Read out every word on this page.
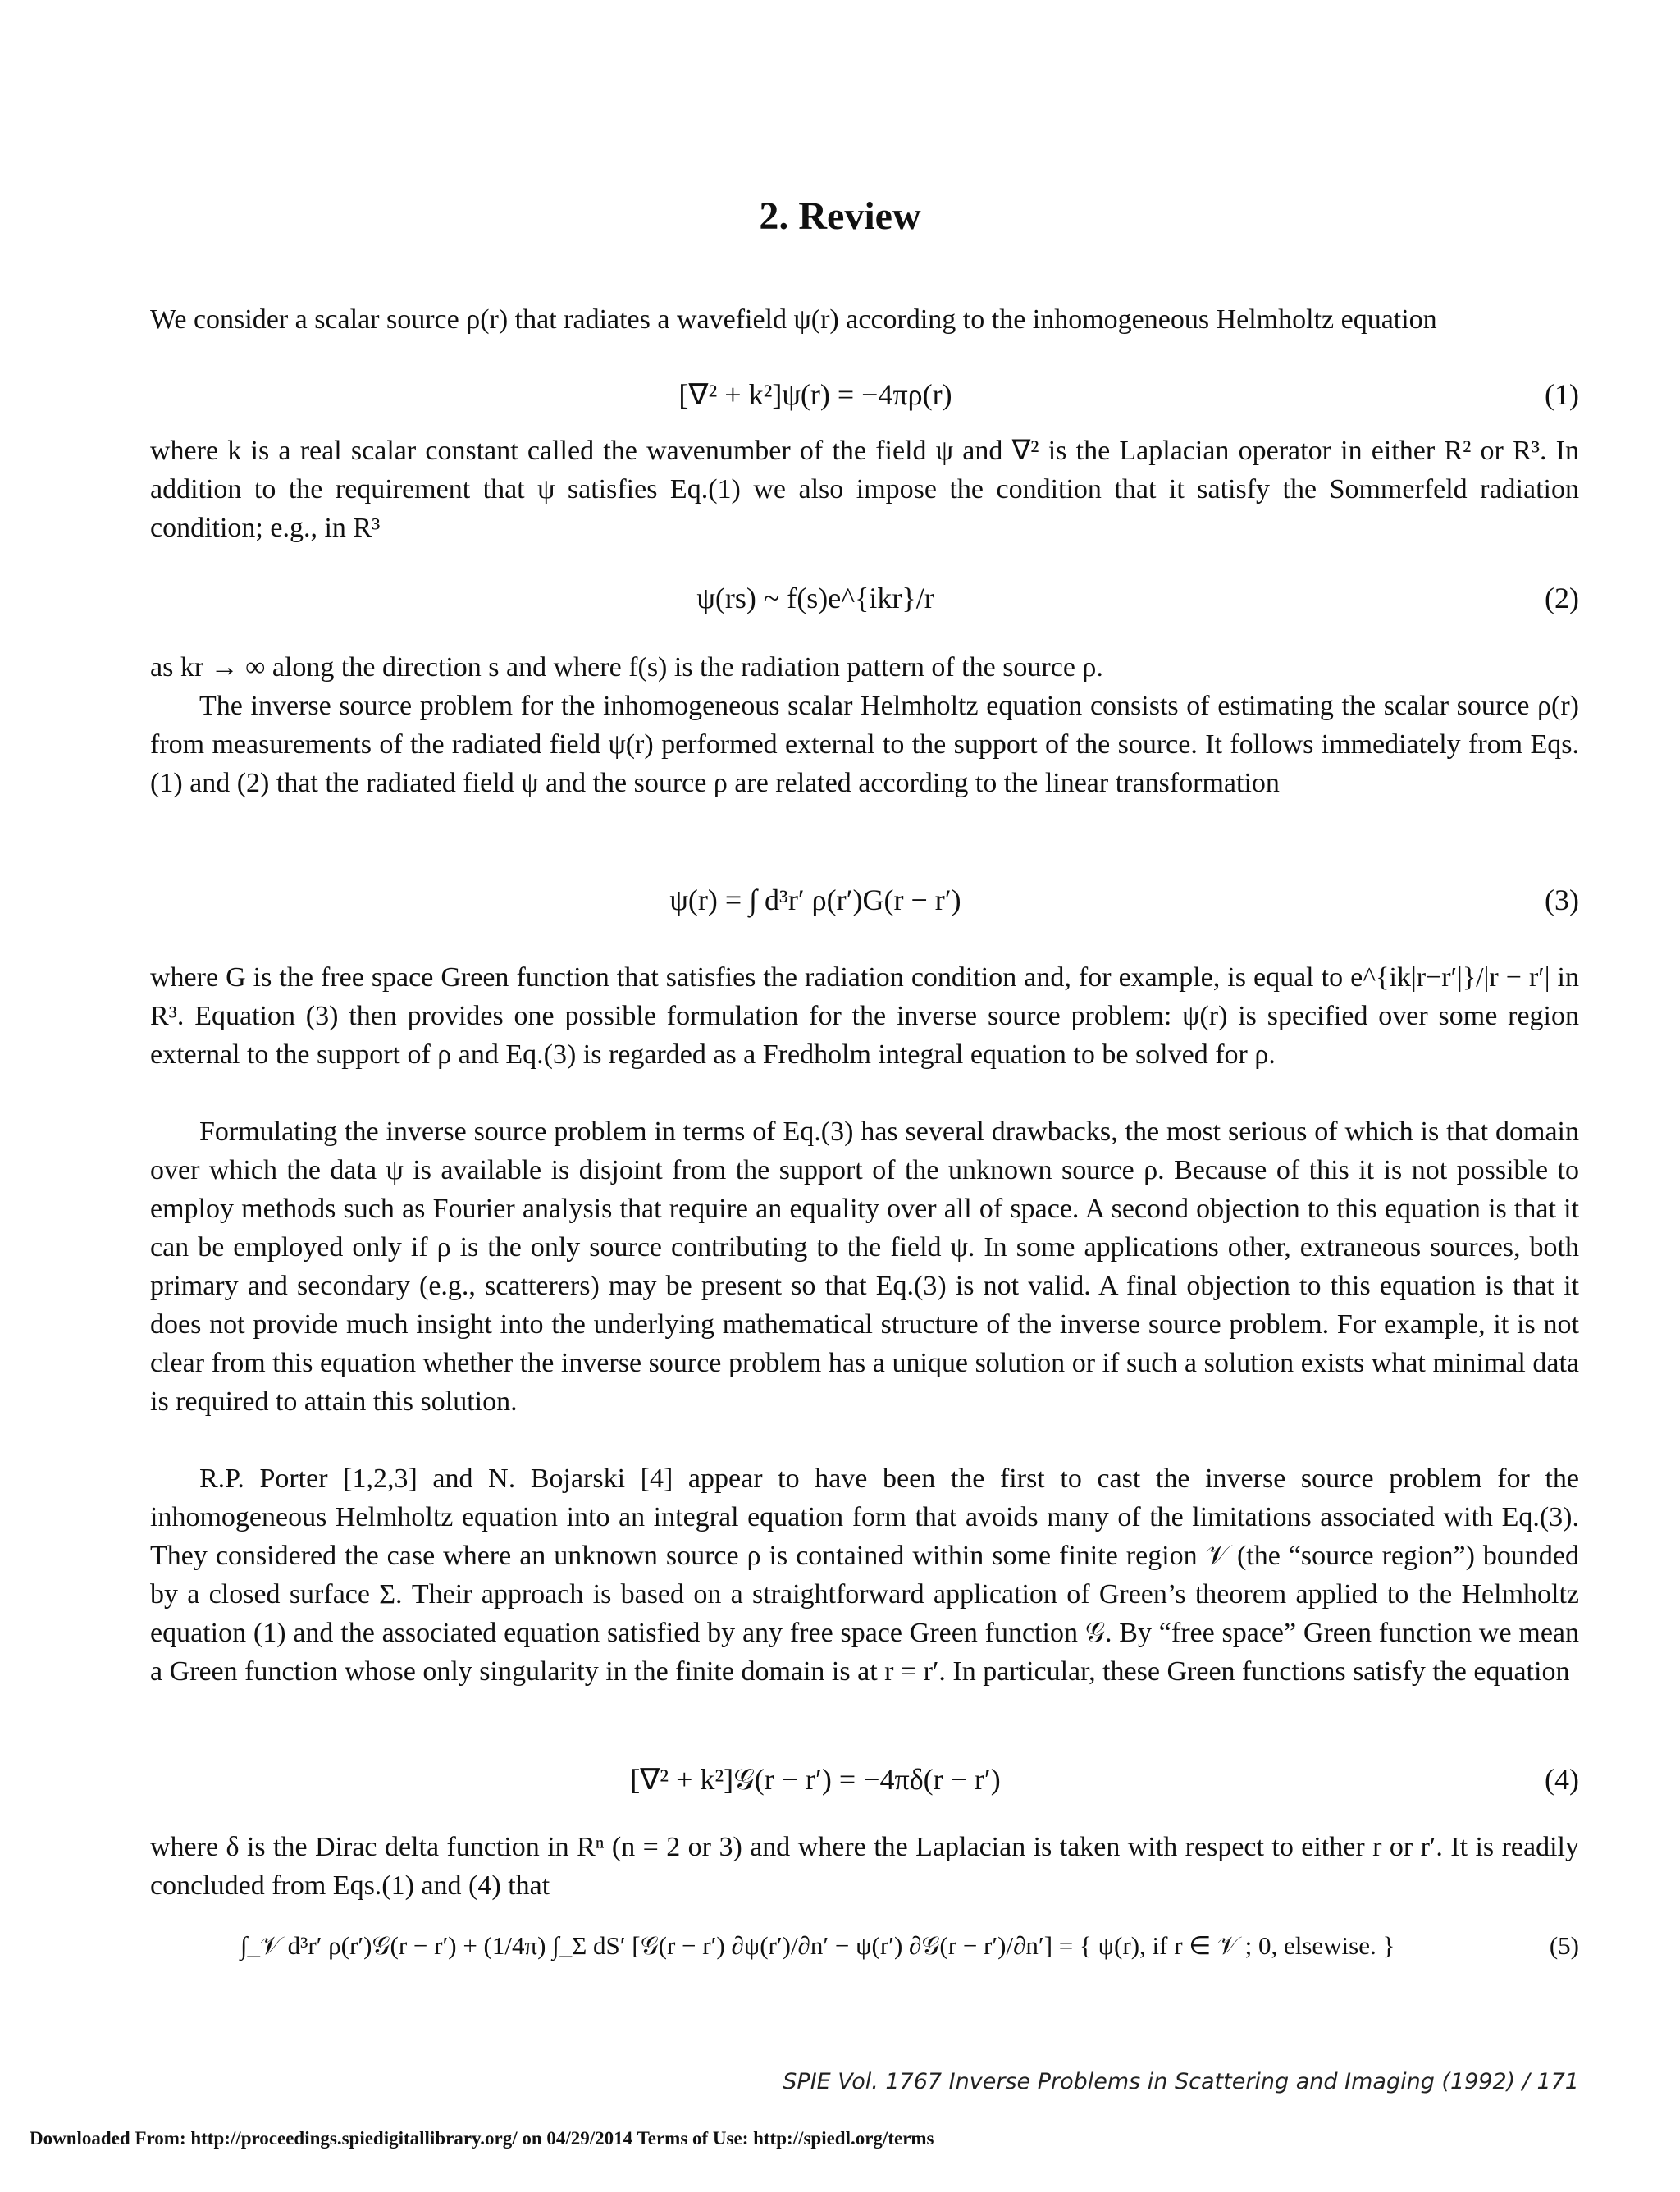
2. Review
We consider a scalar source ρ(r) that radiates a wavefield ψ(r) according to the inhomogeneous Helmholtz equation
[∇² + k²]ψ(r) = −4πρ(r)	(1)
where k is a real scalar constant called the wavenumber of the field ψ and ∇² is the Laplacian operator in either R² or R³. In addition to the requirement that ψ satisfies Eq.(1) we also impose the condition that it satisfy the Sommerfeld radiation condition; e.g., in R³
ψ(rs) ~ f(s)e^{ikr}/r	(2)
as kr → ∞ along the direction s and where f(s) is the radiation pattern of the source ρ.
The inverse source problem for the inhomogeneous scalar Helmholtz equation consists of estimating the scalar source ρ(r) from measurements of the radiated field ψ(r) performed external to the support of the source. It follows immediately from Eqs.(1) and (2) that the radiated field ψ and the source ρ are related according to the linear transformation
ψ(r) = ∫ d³r′ ρ(r′)G(r − r′)	(3)
where G is the free space Green function that satisfies the radiation condition and, for example, is equal to e^{ik|r−r′|}/|r − r′| in R³. Equation (3) then provides one possible formulation for the inverse source problem: ψ(r) is specified over some region external to the support of ρ and Eq.(3) is regarded as a Fredholm integral equation to be solved for ρ.
Formulating the inverse source problem in terms of Eq.(3) has several drawbacks, the most serious of which is that domain over which the data ψ is available is disjoint from the support of the unknown source ρ. Because of this it is not possible to employ methods such as Fourier analysis that require an equality over all of space. A second objection to this equation is that it can be employed only if ρ is the only source contributing to the field ψ. In some applications other, extraneous sources, both primary and secondary (e.g., scatterers) may be present so that Eq.(3) is not valid. A final objection to this equation is that it does not provide much insight into the underlying mathematical structure of the inverse source problem. For example, it is not clear from this equation whether the inverse source problem has a unique solution or if such a solution exists what minimal data is required to attain this solution.
R.P. Porter [1,2,3] and N. Bojarski [4] appear to have been the first to cast the inverse source problem for the inhomogeneous Helmholtz equation into an integral equation form that avoids many of the limitations associated with Eq.(3). They considered the case where an unknown source ρ is contained within some finite region 𝒱 (the “source region”) bounded by a closed surface Σ. Their approach is based on a straightforward application of Green’s theorem applied to the Helmholtz equation (1) and the associated equation satisfied by any free space Green function 𝒢. By “free space” Green function we mean a Green function whose only singularity in the finite domain is at r = r′. In particular, these Green functions satisfy the equation
[∇² + k²]𝒢(r − r′) = −4πδ(r − r′)	(4)
where δ is the Dirac delta function in Rⁿ (n = 2 or 3) and where the Laplacian is taken with respect to either r or r′. It is readily concluded from Eqs.(1) and (4) that
∫_𝒱 d³r′ ρ(r′)𝒢(r − r′) + (1/4π) ∫_Σ dS′ [𝒢(r − r′) ∂ψ(r′)/∂n′ − ψ(r′) ∂𝒢(r − r′)/∂n′] = { ψ(r), if r ∈ 𝒱 ; 0, elsewise. }	(5)
SPIE Vol. 1767 Inverse Problems in Scattering and Imaging (1992) / 171
Downloaded From: http://proceedings.spiedigitallibrary.org/ on 04/29/2014 Terms of Use: http://spiedl.org/terms
